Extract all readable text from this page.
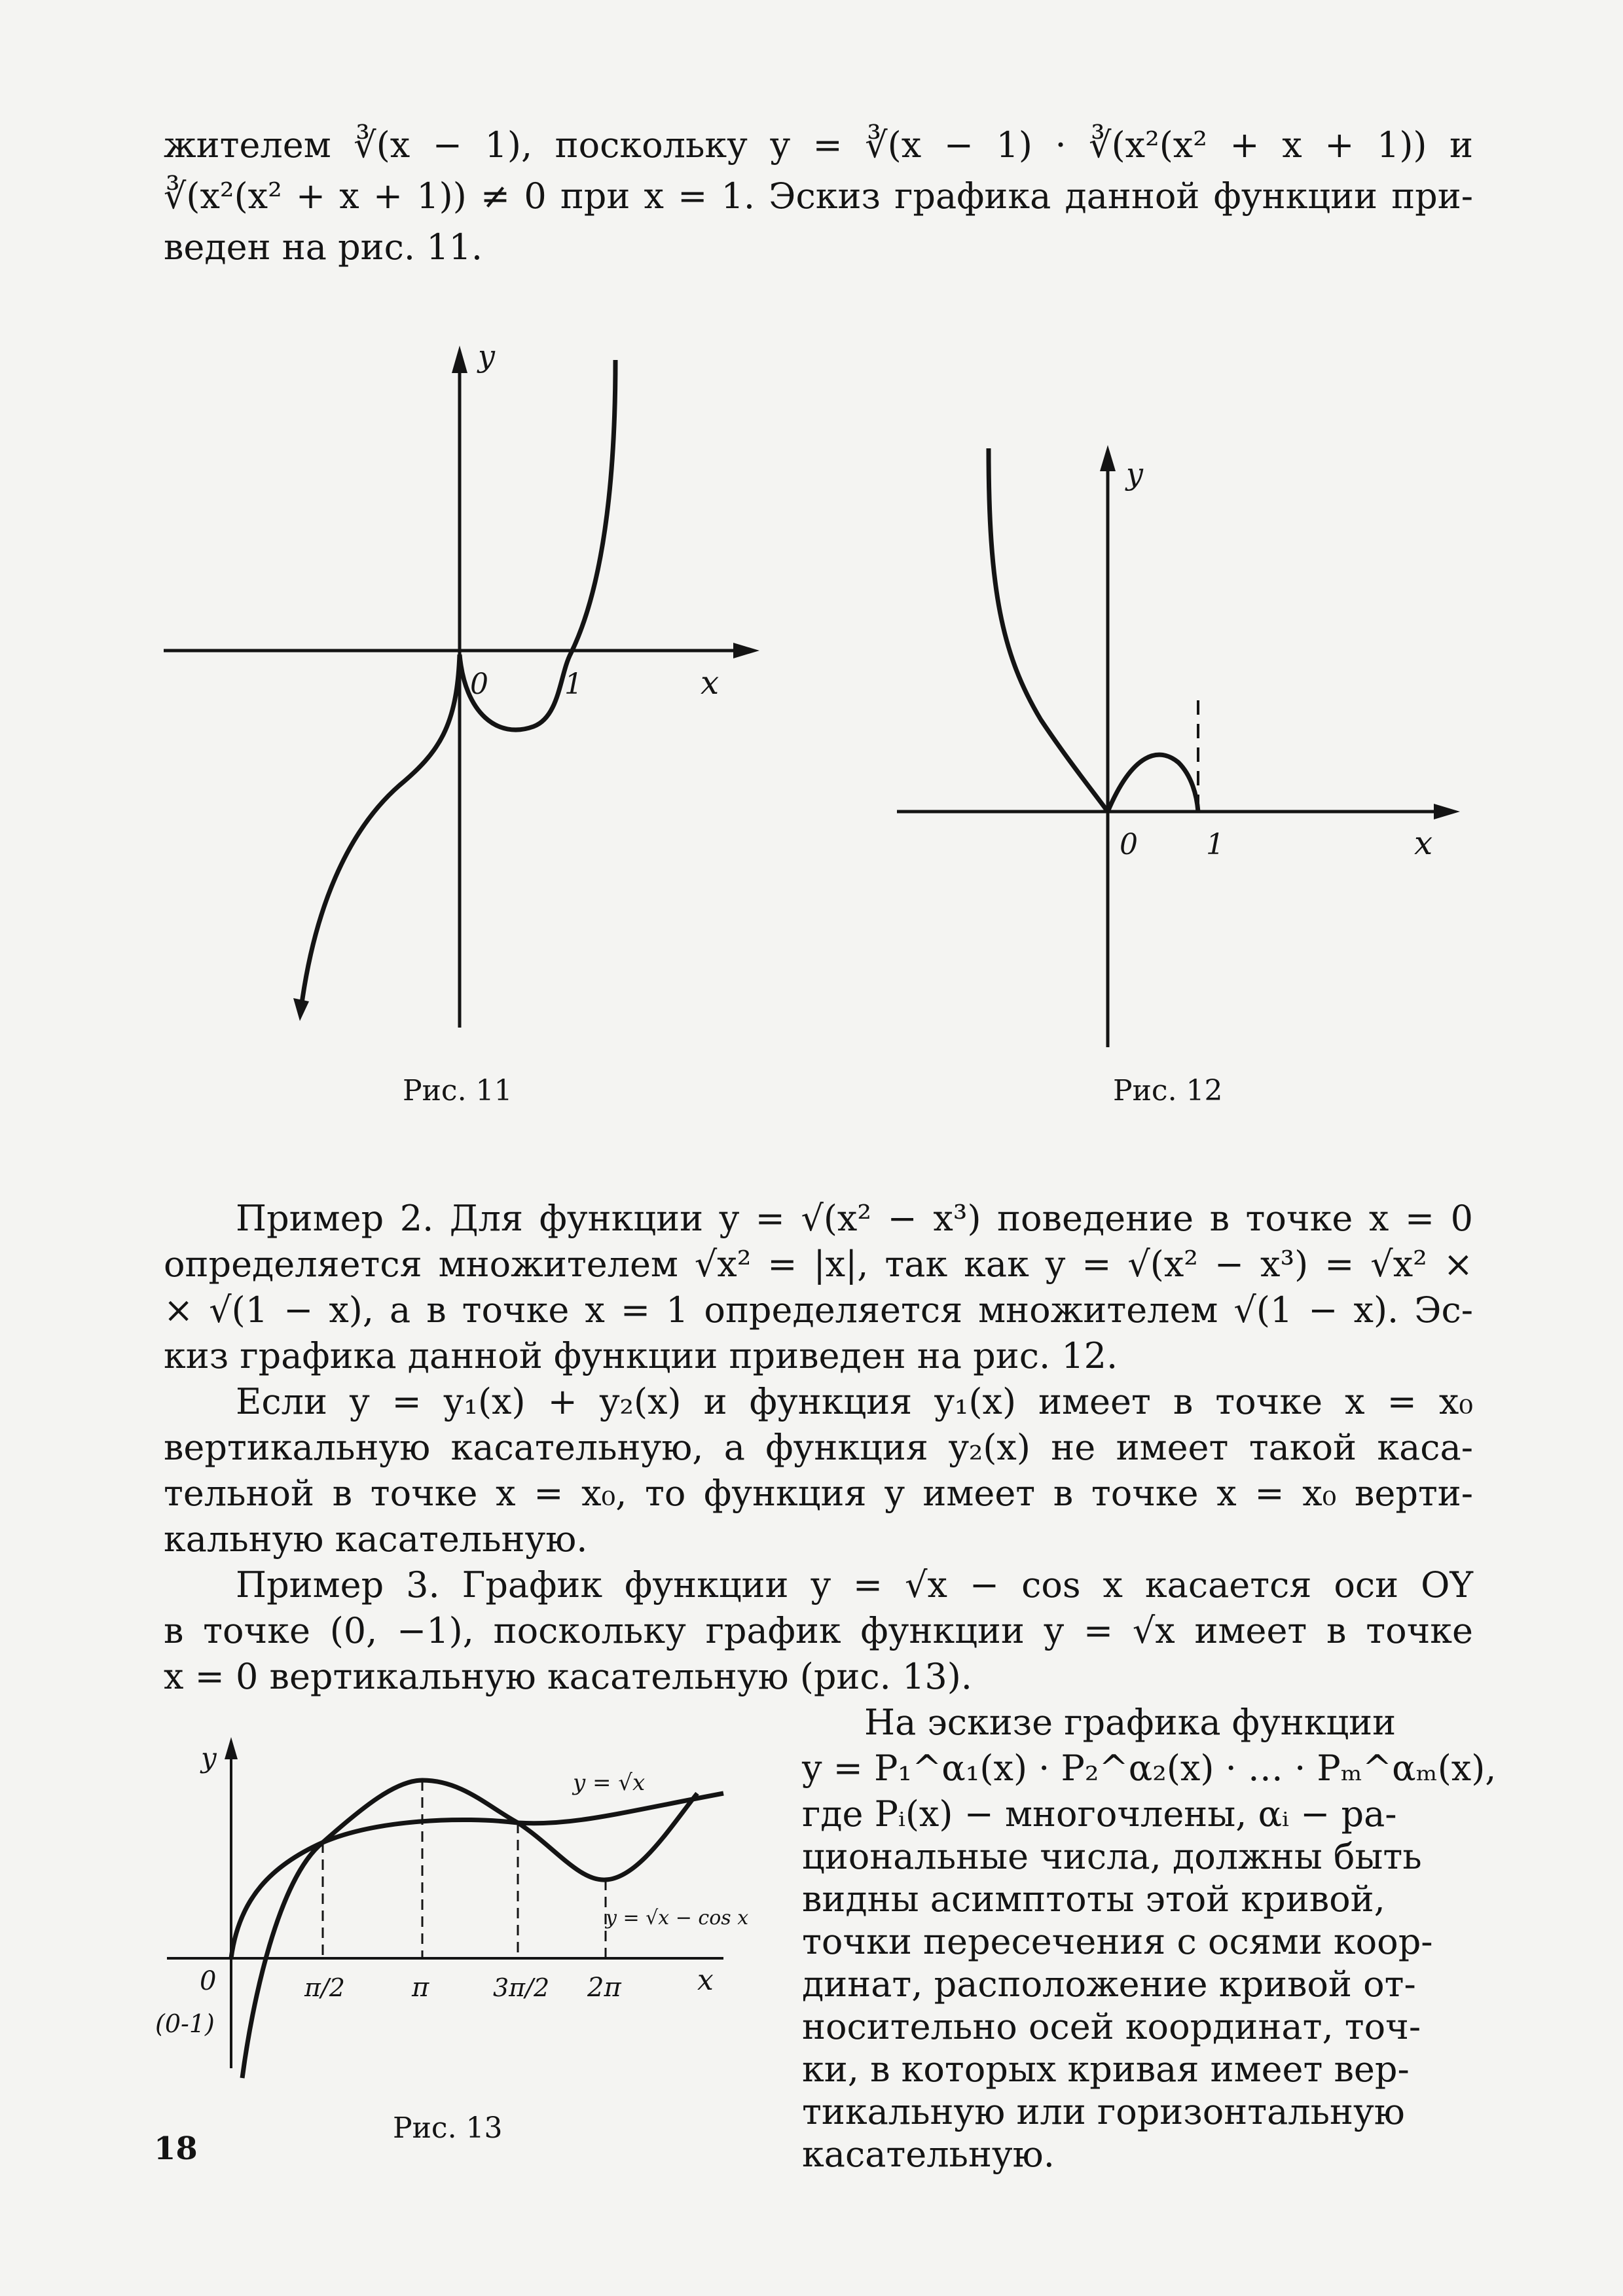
жителем ∛(x − 1), поскольку y = ∛(x − 1) · ∛(x²(x² + x + 1)) и
∛(x²(x² + x + 1)) ≠ 0 при x = 1. Эскиз графика данной функции при-
веден на рис. 11.
y
x
0	1
Рис. 11
y
x
0 1
Рис. 12
Пример 2. Для функции y = √(x² − x³) поведение в точке x = 0
определяется множителем √x² = |x|, так как y = √(x² − x³) = √x² ×
× √(1 − x), а в точке x = 1 определяется множителем √(1 − x). Эс-
киз графика данной функции приведен на рис. 12.
Если y = y₁(x) + y₂(x) и функция y₁(x) имеет в точке x = x₀
вертикальную касательную, а функция y₂(x) не имеет такой каса-
тельной в точке x = x₀, то функция y имеет в точке x = x₀ верти-
кальную касательную.
Пример 3. График функции y = √x − cos x касается оси OY
в точке (0, −1), поскольку график функции y = √x имеет в точке
x = 0 вертикальную касательную (рис. 13).
На эскизе графика функции
y = P₁^α₁(x) · P₂^α₂(x) · … · Pₘ^αₘ(x),
где Pᵢ(x) − многочлены, αᵢ − ра-
циональные числа, должны быть
видны асимптоты этой кривой,
точки пересечения с осями коор-
динат, расположение кривой от-
носительно осей координат, точ-
ки, в которых кривая имеет вер-
тикальную или горизонтальную
касательную.
y
x
0
(0-1)
π/2	π	3π/2 2π
y = √x
y = √x − cos x
Рис. 13
18
